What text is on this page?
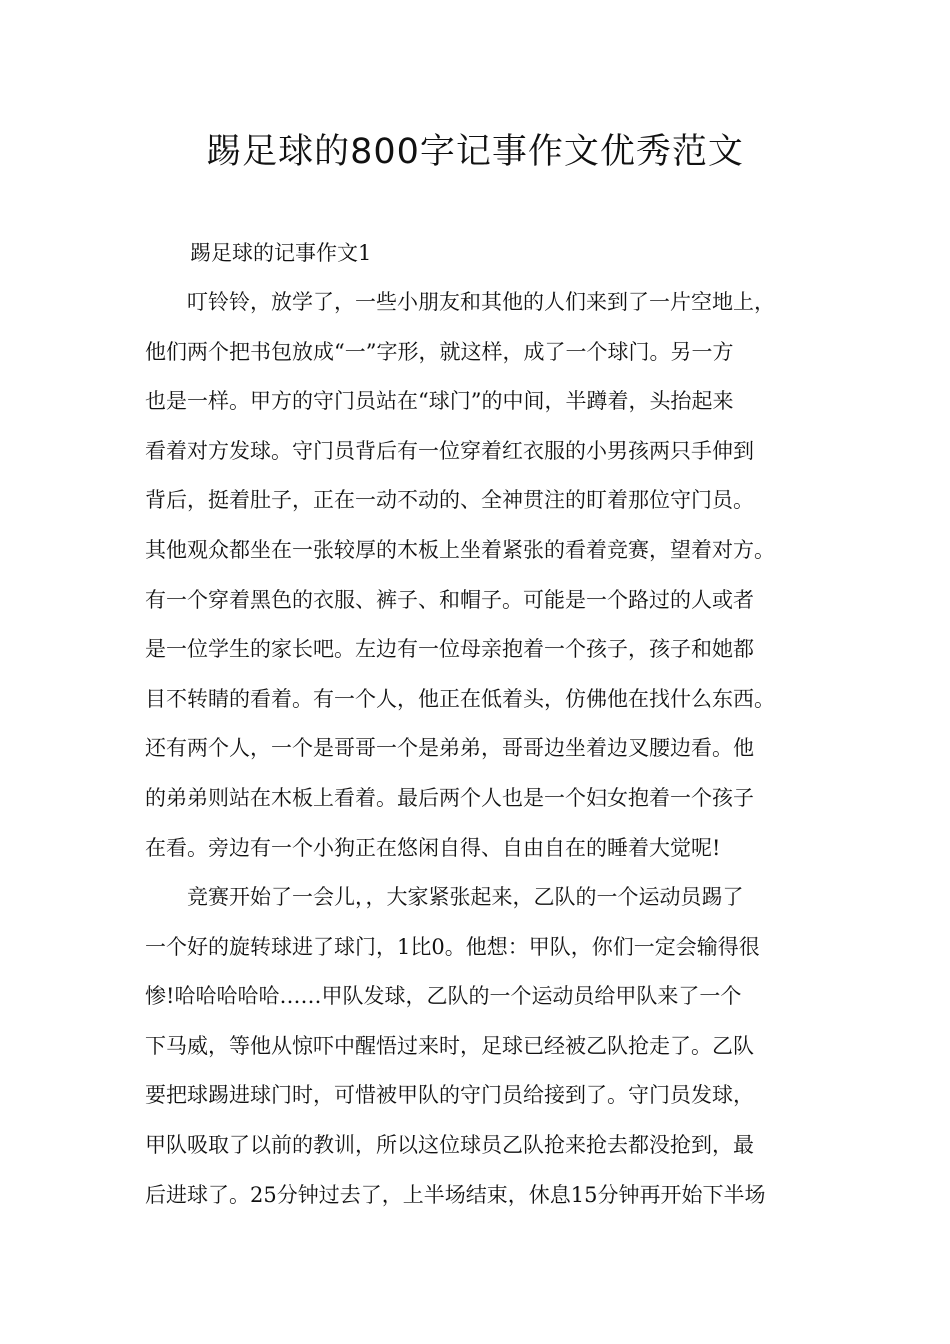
踢足球的800字记事作文优秀范文

踢足球的记事作文1

　　叮铃铃，放学了，一些小朋友和其他的人们来到了一片空地上，
他们两个把书包放成“一”字形，就这样，成了一个球门。另一方
也是一样。甲方的守门员站在“球门”的中间，半蹲着，头抬起来
看着对方发球。守门员背后有一位穿着红衣服的小男孩两只手伸到
背后，挺着肚子，正在一动不动的、全神贯注的盯着那位守门员。
其他观众都坐在一张较厚的木板上坐着紧张的看着竞赛，望着对方。
有一个穿着黑色的衣服、裤子、和帽子。可能是一个路过的人或者
是一位学生的家长吧。左边有一位母亲抱着一个孩子，孩子和她都
目不转睛的看着。有一个人，他正在低着头，仿佛他在找什么东西。
还有两个人，一个是哥哥一个是弟弟，哥哥边坐着边叉腰边看。他
的弟弟则站在木板上看着。最后两个人也是一个妇女抱着一个孩子
在看。旁边有一个小狗正在悠闲自得、自由自在的睡着大觉呢!
　　竞赛开始了一会儿，，大家紧张起来，乙队的一个运动员踢了
一个好的旋转球进了球门，1比0。他想：甲队，你们一定会输得很
惨!哈哈哈哈哈……甲队发球，乙队的一个运动员给甲队来了一个
下马威，等他从惊吓中醒悟过来时，足球已经被乙队抢走了。乙队
要把球踢进球门时，可惜被甲队的守门员给接到了。守门员发球，
甲队吸取了以前的教训，所以这位球员乙队抢来抢去都没抢到，最
后进球了。25分钟过去了，上半场结束，休息15分钟再开始下半场
